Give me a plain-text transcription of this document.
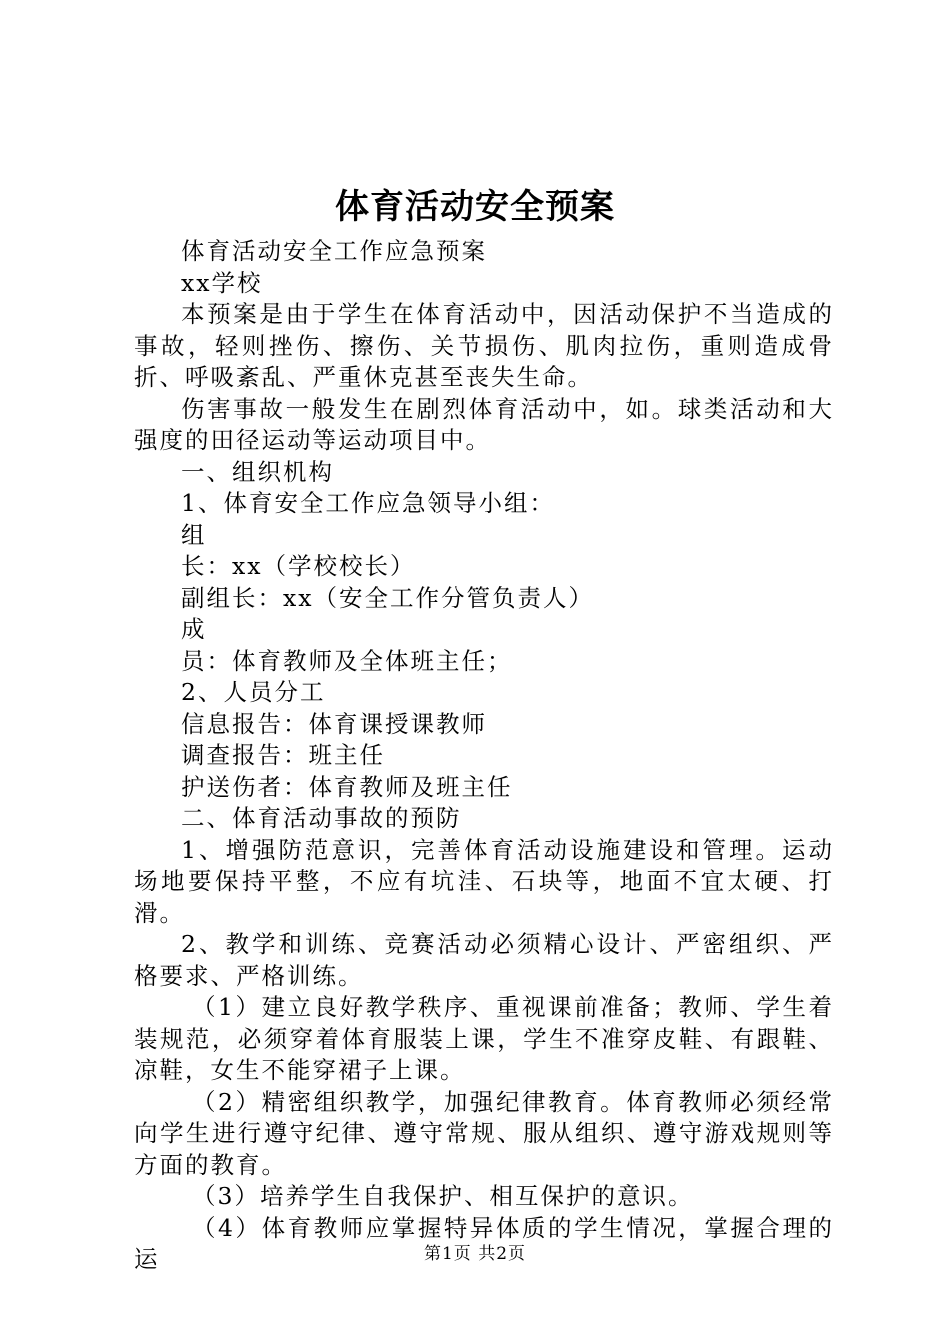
体育活动安全预案

体育活动安全工作应急预案

xx学校

本预案是由于学生在体育活动中，因活动保护不当造成的事故，轻则挫伤、擦伤、关节损伤、肌肉拉伤，重则造成骨折、呼吸紊乱、严重休克甚至丧失生命。

伤害事故一般发生在剧烈体育活动中，如。球类活动和大强度的田径运动等运动项目中。

一、组织机构

1、体育安全工作应急领导小组：

组

长：xx（学校校长）

副组长：xx（安全工作分管负责人）

成

员：体育教师及全体班主任；

2、人员分工

信息报告：体育课授课教师

调查报告：班主任

护送伤者：体育教师及班主任

二、体育活动事故的预防

1、增强防范意识，完善体育活动设施建设和管理。运动场地要保持平整，不应有坑洼、石块等，地面不宜太硬、打滑。

2、教学和训练、竞赛活动必须精心设计、严密组织、严格要求、严格训练。

（1）建立良好教学秩序、重视课前准备；教师、学生着装规范，必须穿着体育服装上课，学生不准穿皮鞋、有跟鞋、凉鞋，女生不能穿裙子上课。

（2）精密组织教学，加强纪律教育。体育教师必须经常向学生进行遵守纪律、遵守常规、服从组织、遵守游戏规则等方面的教育。

（3）培养学生自我保护、相互保护的意识。

（4）体育教师应掌握特异体质的学生情况，掌握合理的运	第1页 共2页
